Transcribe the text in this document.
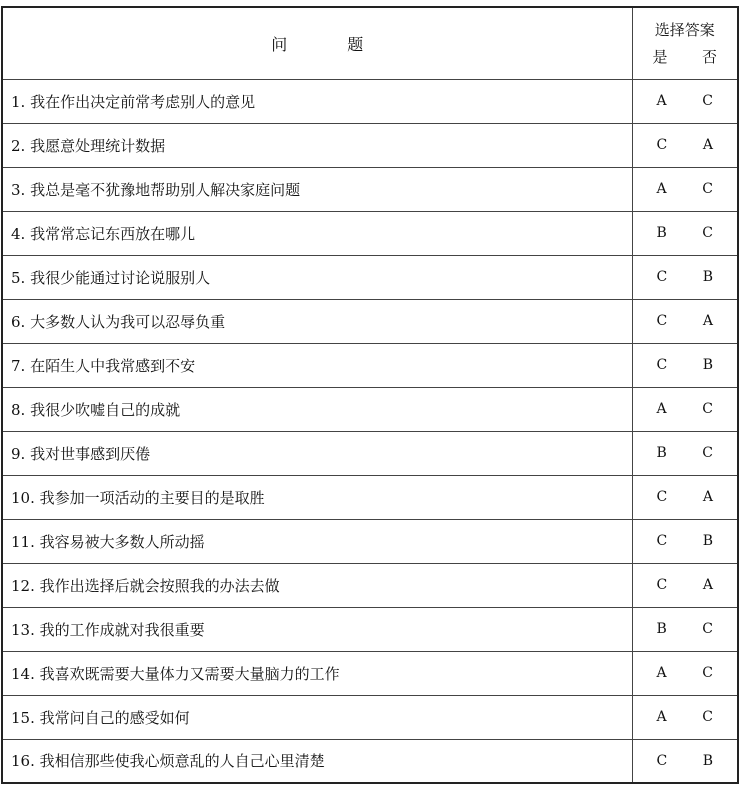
问 题	选择答案
是 否

1. 我在作出决定前常考虑别人的意见	A C

2. 我愿意处理统计数据	C A

3. 我总是毫不犹豫地帮助别人解决家庭问题	A C

4. 我常常忘记东西放在哪儿	B C

5. 我很少能通过讨论说服别人	C B

6. 大多数人认为我可以忍辱负重	C A

7. 在陌生人中我常感到不安	C B

8. 我很少吹嘘自己的成就	A C

9. 我对世事感到厌倦	B C

10. 我参加一项活动的主要目的是取胜	C A

11. 我容易被大多数人所动摇	C B

12. 我作出选择后就会按照我的办法去做	C A

13. 我的工作成就对我很重要	B C

14. 我喜欢既需要大量体力又需要大量脑力的工作	A C

15. 我常问自己的感受如何	A C

16. 我相信那些使我心烦意乱的人自己心里清楚	C B
